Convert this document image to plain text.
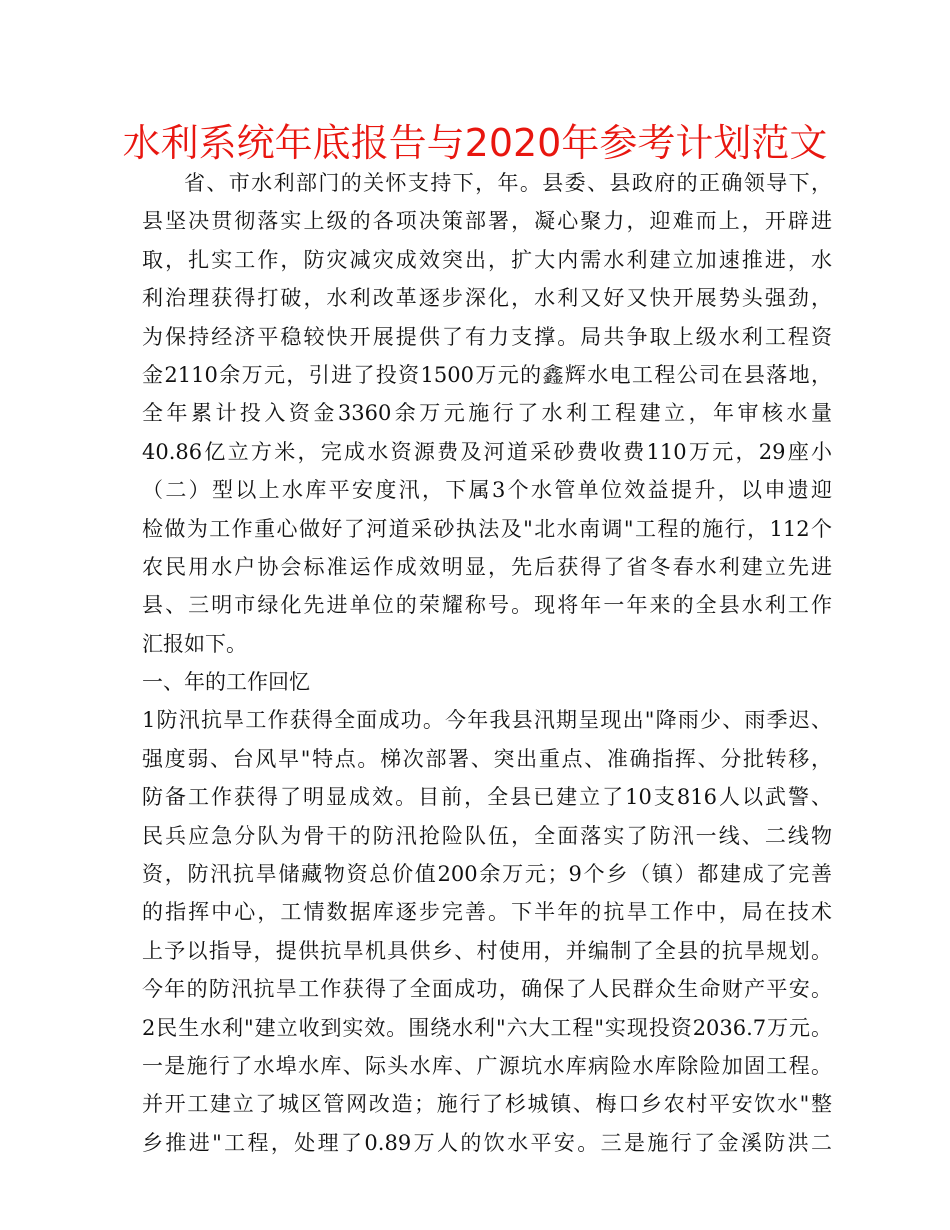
水利系统年底报告与2020年参考计划范文
省、市水利部门的关怀支持下，年。县委、县政府的正确领导下，
县坚决贯彻落实上级的各项决策部署，凝心聚力，迎难而上，开辟进
取，扎实工作，防灾减灾成效突出，扩大内需水利建立加速推进，水
利治理获得打破，水利改革逐步深化，水利又好又快开展势头强劲，
为保持经济平稳较快开展提供了有力支撑。局共争取上级水利工程资
金2110余万元，引进了投资1500万元的鑫辉水电工程公司在县落地，
全年累计投入资金3360余万元施行了水利工程建立，年审核水量
40.86亿立方米，完成水资源费及河道采砂费收费110万元，29座小
（二）型以上水库平安度汛，下属3个水管单位效益提升，以申遗迎
检做为工作重心做好了河道采砂执法及"北水南调"工程的施行，112个
农民用水户协会标准运作成效明显，先后获得了省冬春水利建立先进
县、三明市绿化先进单位的荣耀称号。现将年一年来的全县水利工作
汇报如下。
一、年的工作回忆
1防汛抗旱工作获得全面成功。今年我县汛期呈现出"降雨少、雨季迟、
强度弱、台风早"特点。梯次部署、突出重点、准确指挥、分批转移，
防备工作获得了明显成效。目前，全县已建立了10支816人以武警、
民兵应急分队为骨干的防汛抢险队伍，全面落实了防汛一线、二线物
资，防汛抗旱储藏物资总价值200余万元；9个乡（镇）都建成了完善
的指挥中心，工情数据库逐步完善。下半年的抗旱工作中，局在技术
上予以指导，提供抗旱机具供乡、村使用，并编制了全县的抗旱规划。
今年的防汛抗旱工作获得了全面成功，确保了人民群众生命财产平安。
2民生水利"建立收到实效。围绕水利"六大工程"实现投资2036.7万元。
一是施行了水埠水库、际头水库、广源坑水库病险水库除险加固工程。
并开工建立了城区管网改造；施行了杉城镇、梅口乡农村平安饮水"整
乡推进"工程，处理了0.89万人的饮水平安。三是施行了金溪防洪二
